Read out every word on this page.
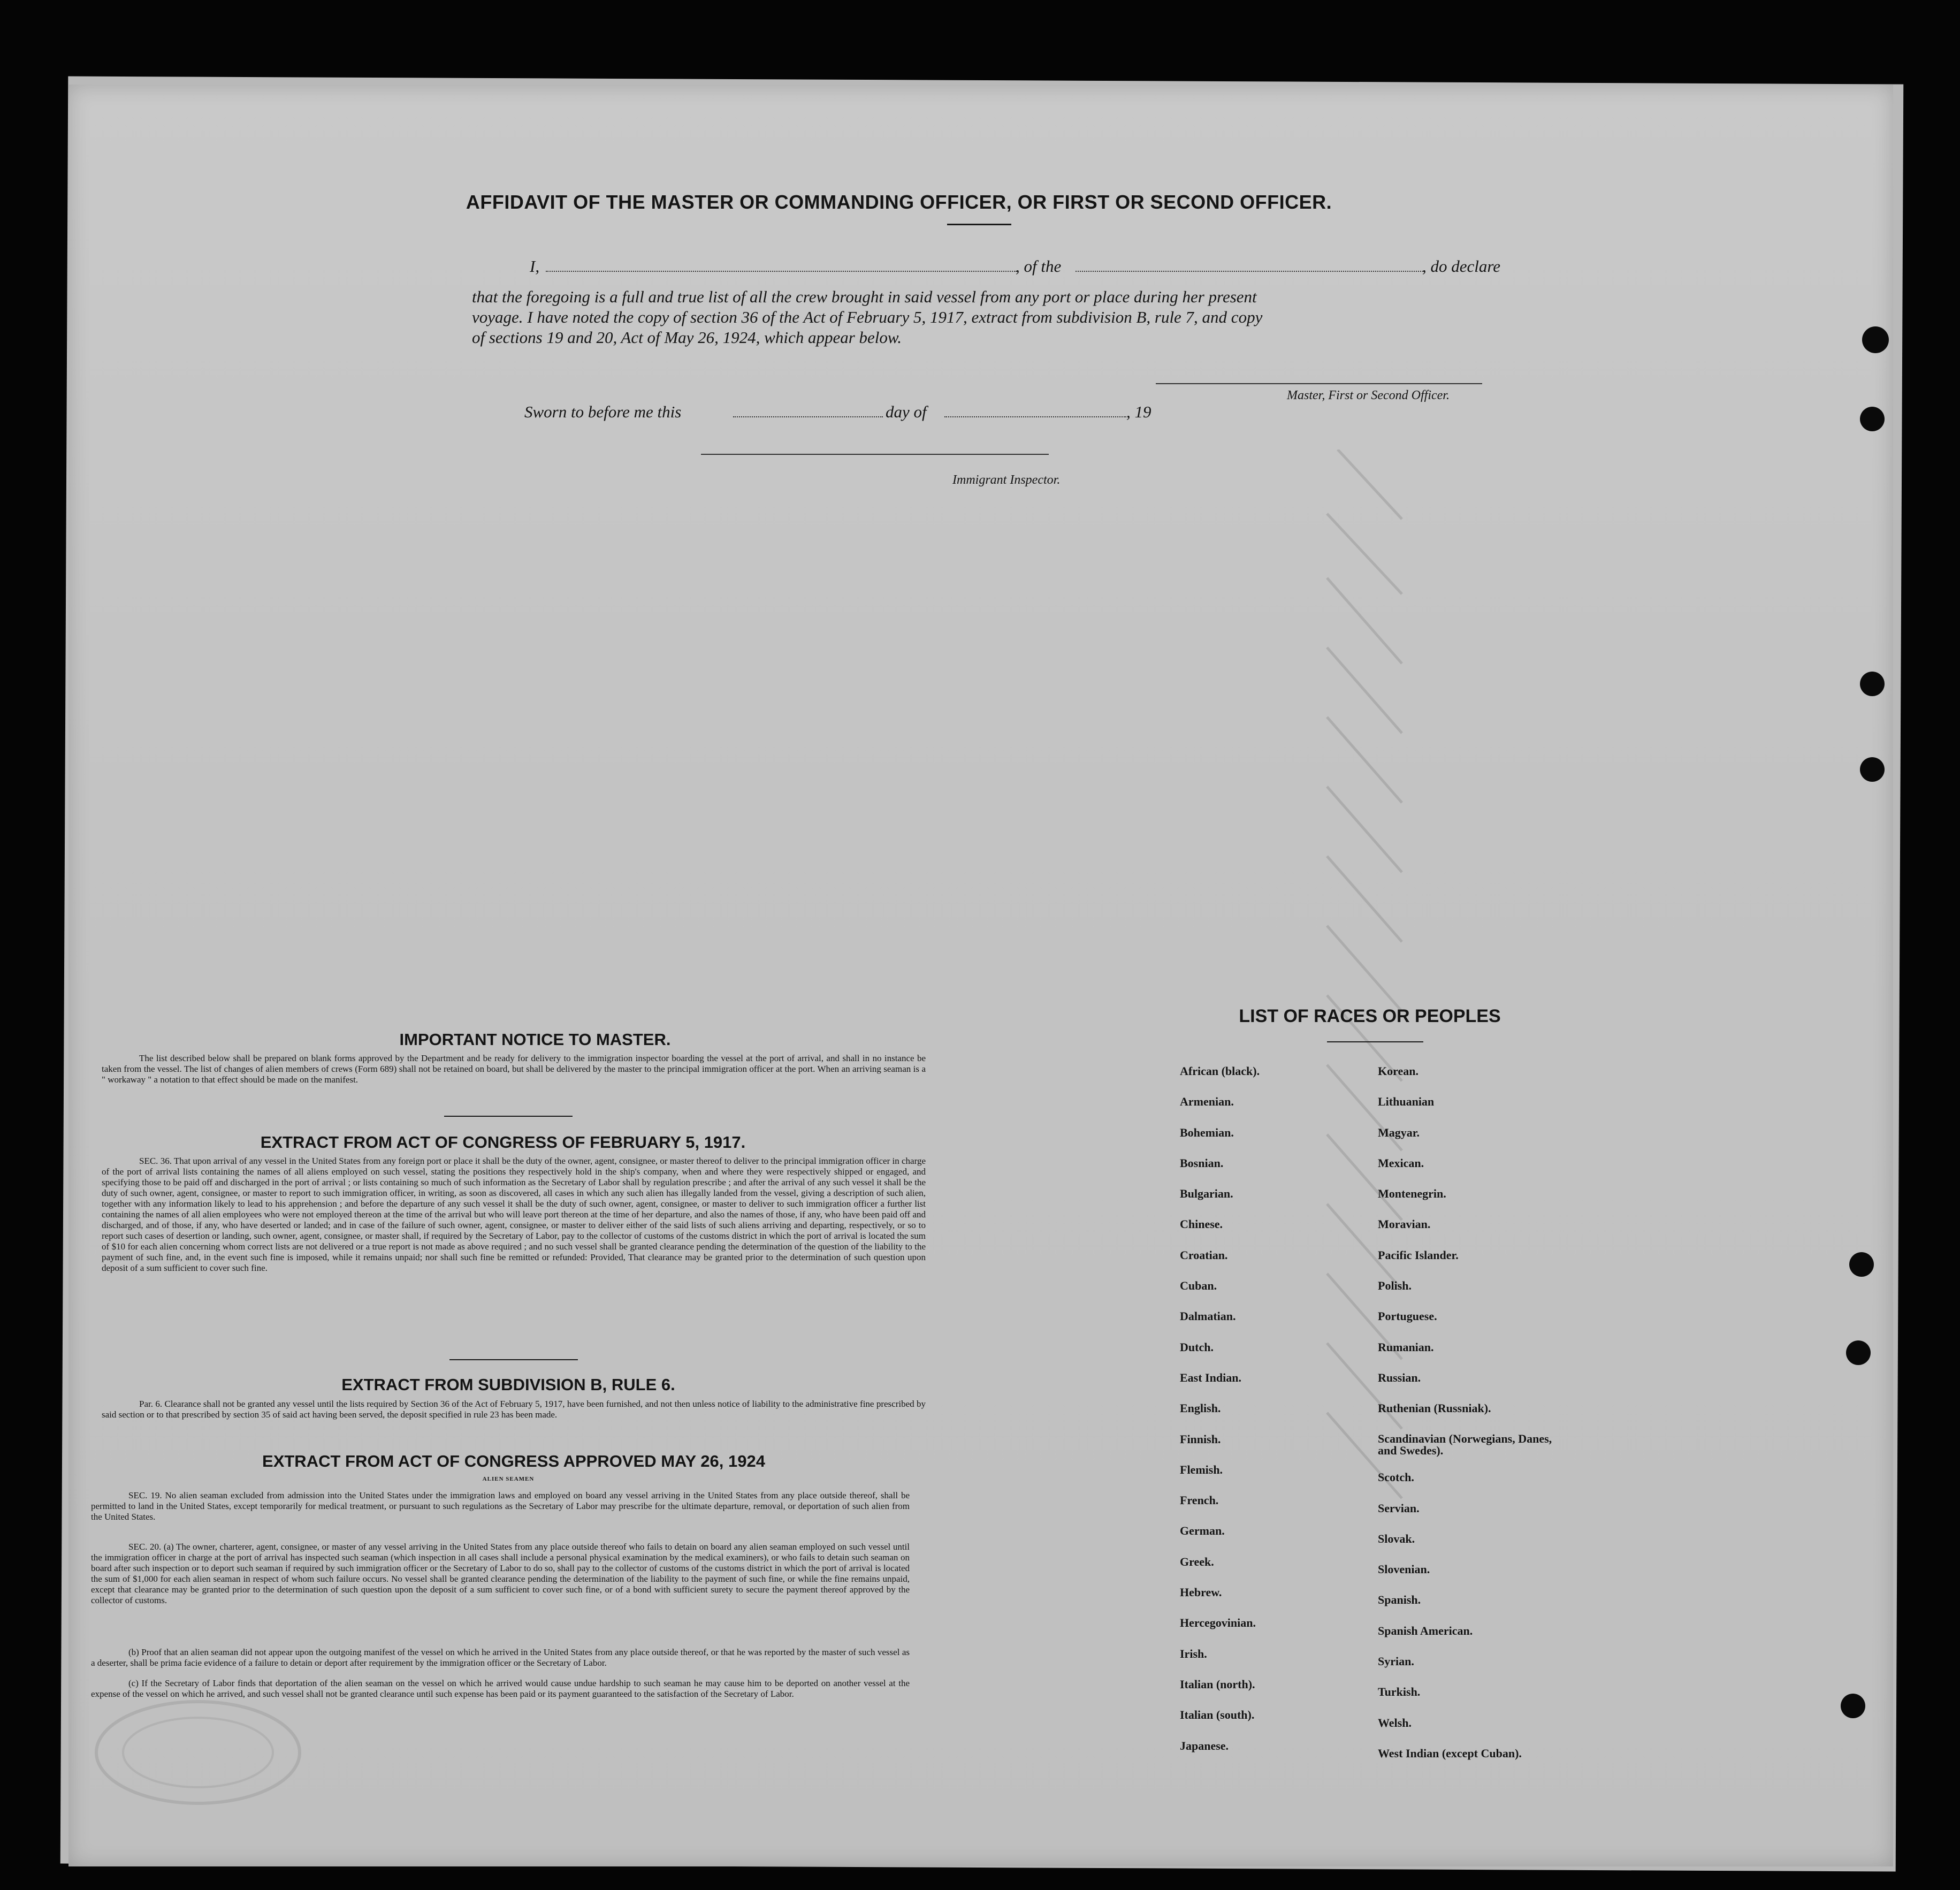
AFFIDAVIT OF THE MASTER OR COMMANDING OFFICER, OR FIRST OR SECOND OFFICER.
I,	, of the	, do declare
that the foregoing is a full and true list of all the crew brought in said vessel from any port or place during her present
voyage. I have noted the copy of section 36 of the Act of February 5, 1917, extract from subdivision B, rule 7, and copy
of sections 19 and 20, Act of May 26, 1924, which appear below.
Master, First or Second Officer.
Sworn to before me this	day of	, 19
Immigrant Inspector.
IMPORTANT NOTICE TO MASTER.

The list described below shall be prepared on blank forms approved by the Department and be ready for delivery to the immigration inspector boarding the vessel at the port of arrival, and shall in no instance be taken from the vessel. The list of changes of alien members of crews (Form 689) shall not be retained on board, but shall be delivered by the master to the principal immigration officer at the port. When an arriving seaman is a " workaway " a notation to that effect should be made on the manifest.

EXTRACT FROM ACT OF CONGRESS OF FEBRUARY 5, 1917.

SEC. 36. That upon arrival of any vessel in the United States from any foreign port or place it shall be the duty of the owner, agent, consignee, or master thereof to deliver to the principal immigration officer in charge of the port of arrival lists containing the names of all aliens employed on such vessel, stating the positions they respectively hold in the ship's company, when and where they were respectively shipped or engaged, and specifying those to be paid off and discharged in the port of arrival ; or lists containing so much of such information as the Secretary of Labor shall by regulation prescribe ; and after the arrival of any such vessel it shall be the duty of such owner, agent, consignee, or master to report to such immigration officer, in writing, as soon as discovered, all cases in which any such alien has illegally landed from the vessel, giving a description of such alien, together with any information likely to lead to his apprehension ; and before the departure of any such vessel it shall be the duty of such owner, agent, consignee, or master to deliver to such immigration officer a further list containing the names of all alien employees who were not employed thereon at the time of the arrival but who will leave port thereon at the time of her departure, and also the names of those, if any, who have been paid off and discharged, and of those, if any, who have deserted or landed; and in case of the failure of such owner, agent, consignee, or master to deliver either of the said lists of such aliens arriving and departing, respectively, or so to report such cases of desertion or landing, such owner, agent, consignee, or master shall, if required by the Secretary of Labor, pay to the collector of customs of the customs district in which the port of arrival is located the sum of $10 for each alien concerning whom correct lists are not delivered or a true report is not made as above required ; and no such vessel shall be granted clearance pending the determination of the question of the liability to the payment of such fine, and, in the event such fine is imposed, while it remains unpaid; nor shall such fine be remitted or refunded: Provided, That clearance may be granted prior to the determination of such question upon deposit of a sum sufficient to cover such fine.

EXTRACT FROM SUBDIVISION B, RULE 6.

Par. 6. Clearance shall not be granted any vessel until the lists required by Section 36 of the Act of February 5, 1917, have been furnished, and not then unless notice of liability to the administrative fine prescribed by said section or to that prescribed by section 35 of said act having been served, the deposit specified in rule 23 has been made.

EXTRACT FROM ACT OF CONGRESS APPROVED MAY 26, 1924
ALIEN SEAMEN

SEC. 19. No alien seaman excluded from admission into the United States under the immigration laws and employed on board any vessel arriving in the United States from any place outside thereof, shall be permitted to land in the United States, except temporarily for medical treatment, or pursuant to such regulations as the Secretary of Labor may prescribe for the ultimate departure, removal, or deportation of such alien from the United States.

SEC. 20. (a) The owner, charterer, agent, consignee, or master of any vessel arriving in the United States from any place outside thereof who fails to detain on board any alien seaman employed on such vessel until the immigration officer in charge at the port of arrival has inspected such seaman (which inspection in all cases shall include a personal physical examination by the medical examiners), or who fails to detain such seaman on board after such inspection or to deport such seaman if required by such immigration officer or the Secretary of Labor to do so, shall pay to the collector of customs of the customs district in which the port of arrival is located the sum of $1,000 for each alien seaman in respect of whom such failure occurs. No vessel shall be granted clearance pending the determination of the liability to the payment of such fine, or while the fine remains unpaid, except that clearance may be granted prior to the determination of such question upon the deposit of a sum sufficient to cover such fine, or of a bond with sufficient surety to secure the payment thereof approved by the collector of customs.

(b) Proof that an alien seaman did not appear upon the outgoing manifest of the vessel on which he arrived in the United States from any place outside thereof, or that he was reported by the master of such vessel as a deserter, shall be prima facie evidence of a failure to detain or deport after requirement by the immigration officer or the Secretary of Labor.

(c) If the Secretary of Labor finds that deportation of the alien seaman on the vessel on which he arrived would cause undue hardship to such seaman he may cause him to be deported on another vessel at the expense of the vessel on which he arrived, and such vessel shall not be granted clearance until such expense has been paid or its payment guaranteed to the satisfaction of the Secretary of Labor.

LIST OF RACES OR PEOPLES
African (black).
Armenian.
Bohemian.
Bosnian.
Bulgarian.
Chinese.
Croatian.
Cuban.
Dalmatian.
Dutch.
East Indian.
English.
Finnish.
Flemish.
French.
German.
Greek.
Hebrew.
Hercegovinian.
Irish.
Italian (north).
Italian (south).
Japanese.
Korean.
Lithuanian
Magyar.
Mexican.
Montenegrin.
Moravian.
Pacific Islander.
Polish.
Portuguese.
Rumanian.
Russian.
Ruthenian (Russniak).
Scandinavian (Norwegians, Danes, and Swedes).
Scotch.
Servian.
Slovak.
Slovenian.
Spanish.
Spanish American.
Syrian.
Turkish.
Welsh.
West Indian (except Cuban).
